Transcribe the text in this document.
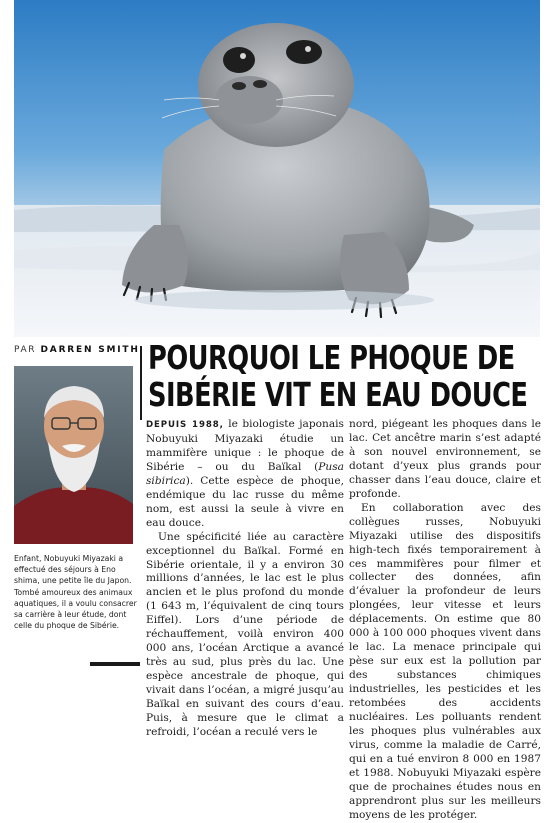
PAR DARREN SMITH
Enfant, Nobuyuki Miyazaki a effectué des séjours à Eno shima, une petite île du Japon. Tombé amoureux des animaux aquatiques, il a voulu consacrer sa carrière à leur étude, dont celle du phoque de Sibérie.
POURQUOI LE PHOQUE DE
SIBÉRIE VIT EN EAU DOUCE

DEPUIS 1988, le biologiste japonais Nobuyuki Miyazaki étudie un mammifère unique : le phoque de Sibérie – ou du Baïkal (Pusa sibirica). Cette espèce de phoque, endémique du lac russe du même nom, est aussi la seule à vivre en eau douce.

Une spécificité liée au caractère exceptionnel du Baïkal. Formé en Sibérie orientale, il y a environ 30 millions d’années, le lac est le plus ancien et le plus profond du monde (1 643 m, l’équivalent de cinq tours Eiffel). Lors d’une période de réchauffement, voilà environ 400 000 ans, l’océan Arctique a avancé très au sud, plus près du lac. Une espèce ancestrale de phoque, qui vivait dans l’océan, a migré jusqu’au Baïkal en suivant des cours d’eau. Puis, à mesure que le climat a refroidi, l’océan a reculé vers le

nord, piégeant les phoques dans le lac. Cet ancêtre marin s’est adapté à son nouvel environnement, se dotant d’yeux plus grands pour chasser dans l’eau douce, claire et profonde.

En collaboration avec des collègues russes, Nobuyuki Miyazaki utilise des dispositifs high-tech fixés temporairement à ces mammifères pour filmer et collecter des données, afin d’évaluer la profondeur de leurs plongées, leur vitesse et leurs déplacements. On estime que 80 000 à 100 000 phoques vivent dans le lac. La menace principale qui pèse sur eux est la pollution par des substances chimiques industrielles, les pesticides et les retombées des accidents nucléaires. Les polluants rendent les phoques plus vulnérables aux virus, comme la maladie de Carré, qui en a tué environ 8 000 en 1987 et 1988. Nobuyuki Miyazaki espère que de prochaines études nous en apprendront plus sur les meilleurs moyens de les protéger.
